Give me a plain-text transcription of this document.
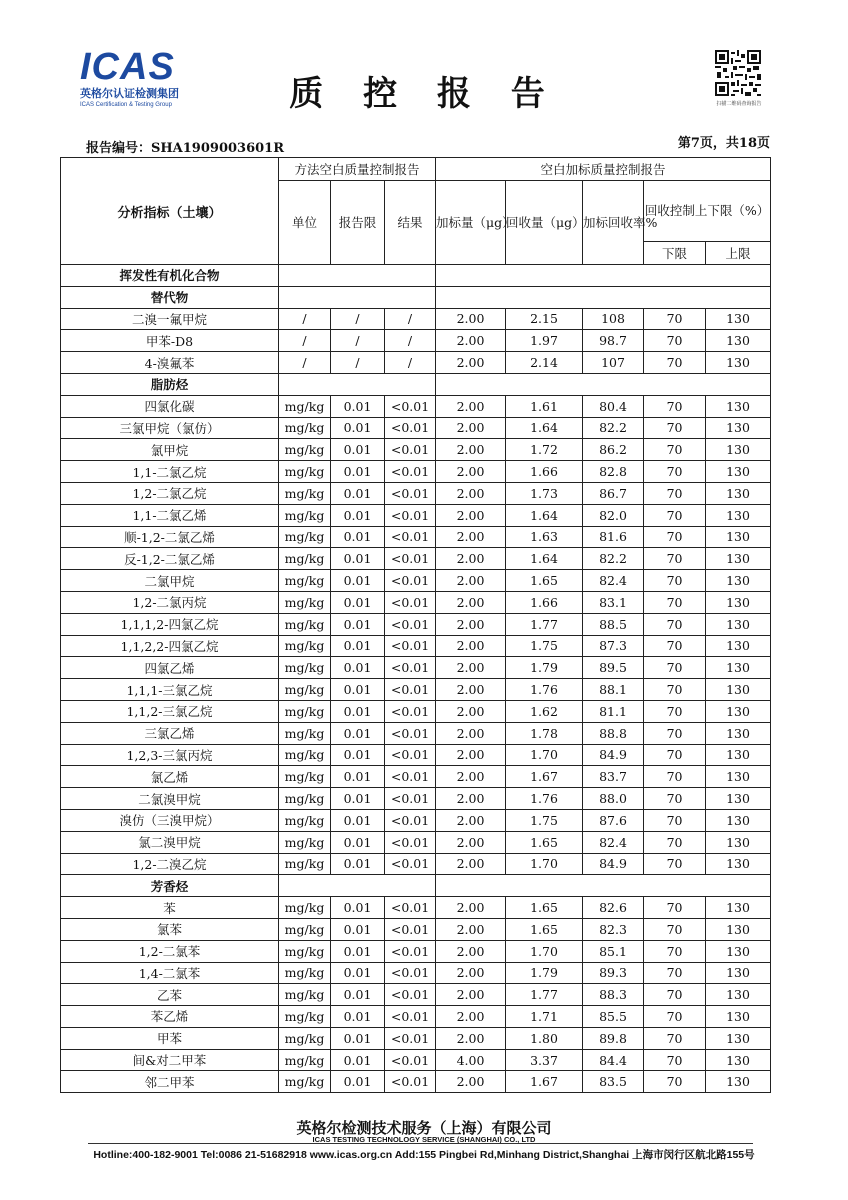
ICAS
英格尔认证检测集团
ICAS Certification & Testing Group	质 控 报 告	扫描二维码查询报告
报告编号：SHA1909003601R	第7页，共18页
分析指标（土壤）	方法空白质量控制报告			空白加标质量控制报告				
	单位	报告限	结果	加标量（μg）	回收量（μg）	加标回收率%	回收控制上下限（%）	
							下限	上限
挥发性有机化合物								
替代物								
二溴一氟甲烷	/	/	/	2.00	2.15	108	70	130
甲苯-D8	/	/	/	2.00	1.97	98.7	70	130
4-溴氟苯	/	/	/	2.00	2.14	107	70	130
脂肪烃								
四氯化碳	mg/kg	0.01	<0.01	2.00	1.61	80.4	70	130
三氯甲烷（氯仿）	mg/kg	0.01	<0.01	2.00	1.64	82.2	70	130
氯甲烷	mg/kg	0.01	<0.01	2.00	1.72	86.2	70	130
1,1-二氯乙烷	mg/kg	0.01	<0.01	2.00	1.66	82.8	70	130
1,2-二氯乙烷	mg/kg	0.01	<0.01	2.00	1.73	86.7	70	130
1,1-二氯乙烯	mg/kg	0.01	<0.01	2.00	1.64	82.0	70	130
顺-1,2-二氯乙烯	mg/kg	0.01	<0.01	2.00	1.63	81.6	70	130
反-1,2-二氯乙烯	mg/kg	0.01	<0.01	2.00	1.64	82.2	70	130
二氯甲烷	mg/kg	0.01	<0.01	2.00	1.65	82.4	70	130
1,2-二氯丙烷	mg/kg	0.01	<0.01	2.00	1.66	83.1	70	130
1,1,1,2-四氯乙烷	mg/kg	0.01	<0.01	2.00	1.77	88.5	70	130
1,1,2,2-四氯乙烷	mg/kg	0.01	<0.01	2.00	1.75	87.3	70	130
四氯乙烯	mg/kg	0.01	<0.01	2.00	1.79	89.5	70	130
1,1,1-三氯乙烷	mg/kg	0.01	<0.01	2.00	1.76	88.1	70	130
1,1,2-三氯乙烷	mg/kg	0.01	<0.01	2.00	1.62	81.1	70	130
三氯乙烯	mg/kg	0.01	<0.01	2.00	1.78	88.8	70	130
1,2,3-三氯丙烷	mg/kg	0.01	<0.01	2.00	1.70	84.9	70	130
氯乙烯	mg/kg	0.01	<0.01	2.00	1.67	83.7	70	130
二氯溴甲烷	mg/kg	0.01	<0.01	2.00	1.76	88.0	70	130
溴仿（三溴甲烷）	mg/kg	0.01	<0.01	2.00	1.75	87.6	70	130
氯二溴甲烷	mg/kg	0.01	<0.01	2.00	1.65	82.4	70	130
1,2-二溴乙烷	mg/kg	0.01	<0.01	2.00	1.70	84.9	70	130
芳香烃								
苯	mg/kg	0.01	<0.01	2.00	1.65	82.6	70	130
氯苯	mg/kg	0.01	<0.01	2.00	1.65	82.3	70	130
1,2-二氯苯	mg/kg	0.01	<0.01	2.00	1.70	85.1	70	130
1,4-二氯苯	mg/kg	0.01	<0.01	2.00	1.79	89.3	70	130
乙苯	mg/kg	0.01	<0.01	2.00	1.77	88.3	70	130
苯乙烯	mg/kg	0.01	<0.01	2.00	1.71	85.5	70	130
甲苯	mg/kg	0.01	<0.01	2.00	1.80	89.8	70	130
间&对二甲苯	mg/kg	0.01	<0.01	4.00	3.37	84.4	70	130
邻二甲苯	mg/kg	0.01	<0.01	2.00	1.67	83.5	70	130
英格尔检测技术服务（上海）有限公司
ICAS TESTING TECHNOLOGY SERVICE (SHANGHAI) CO., LTD
Hotline:400-182-9001 Tel:0086 21-51682918 www.icas.org.cn Add:155 Pingbei Rd,Minhang District,Shanghai 上海市闵行区航北路155号
